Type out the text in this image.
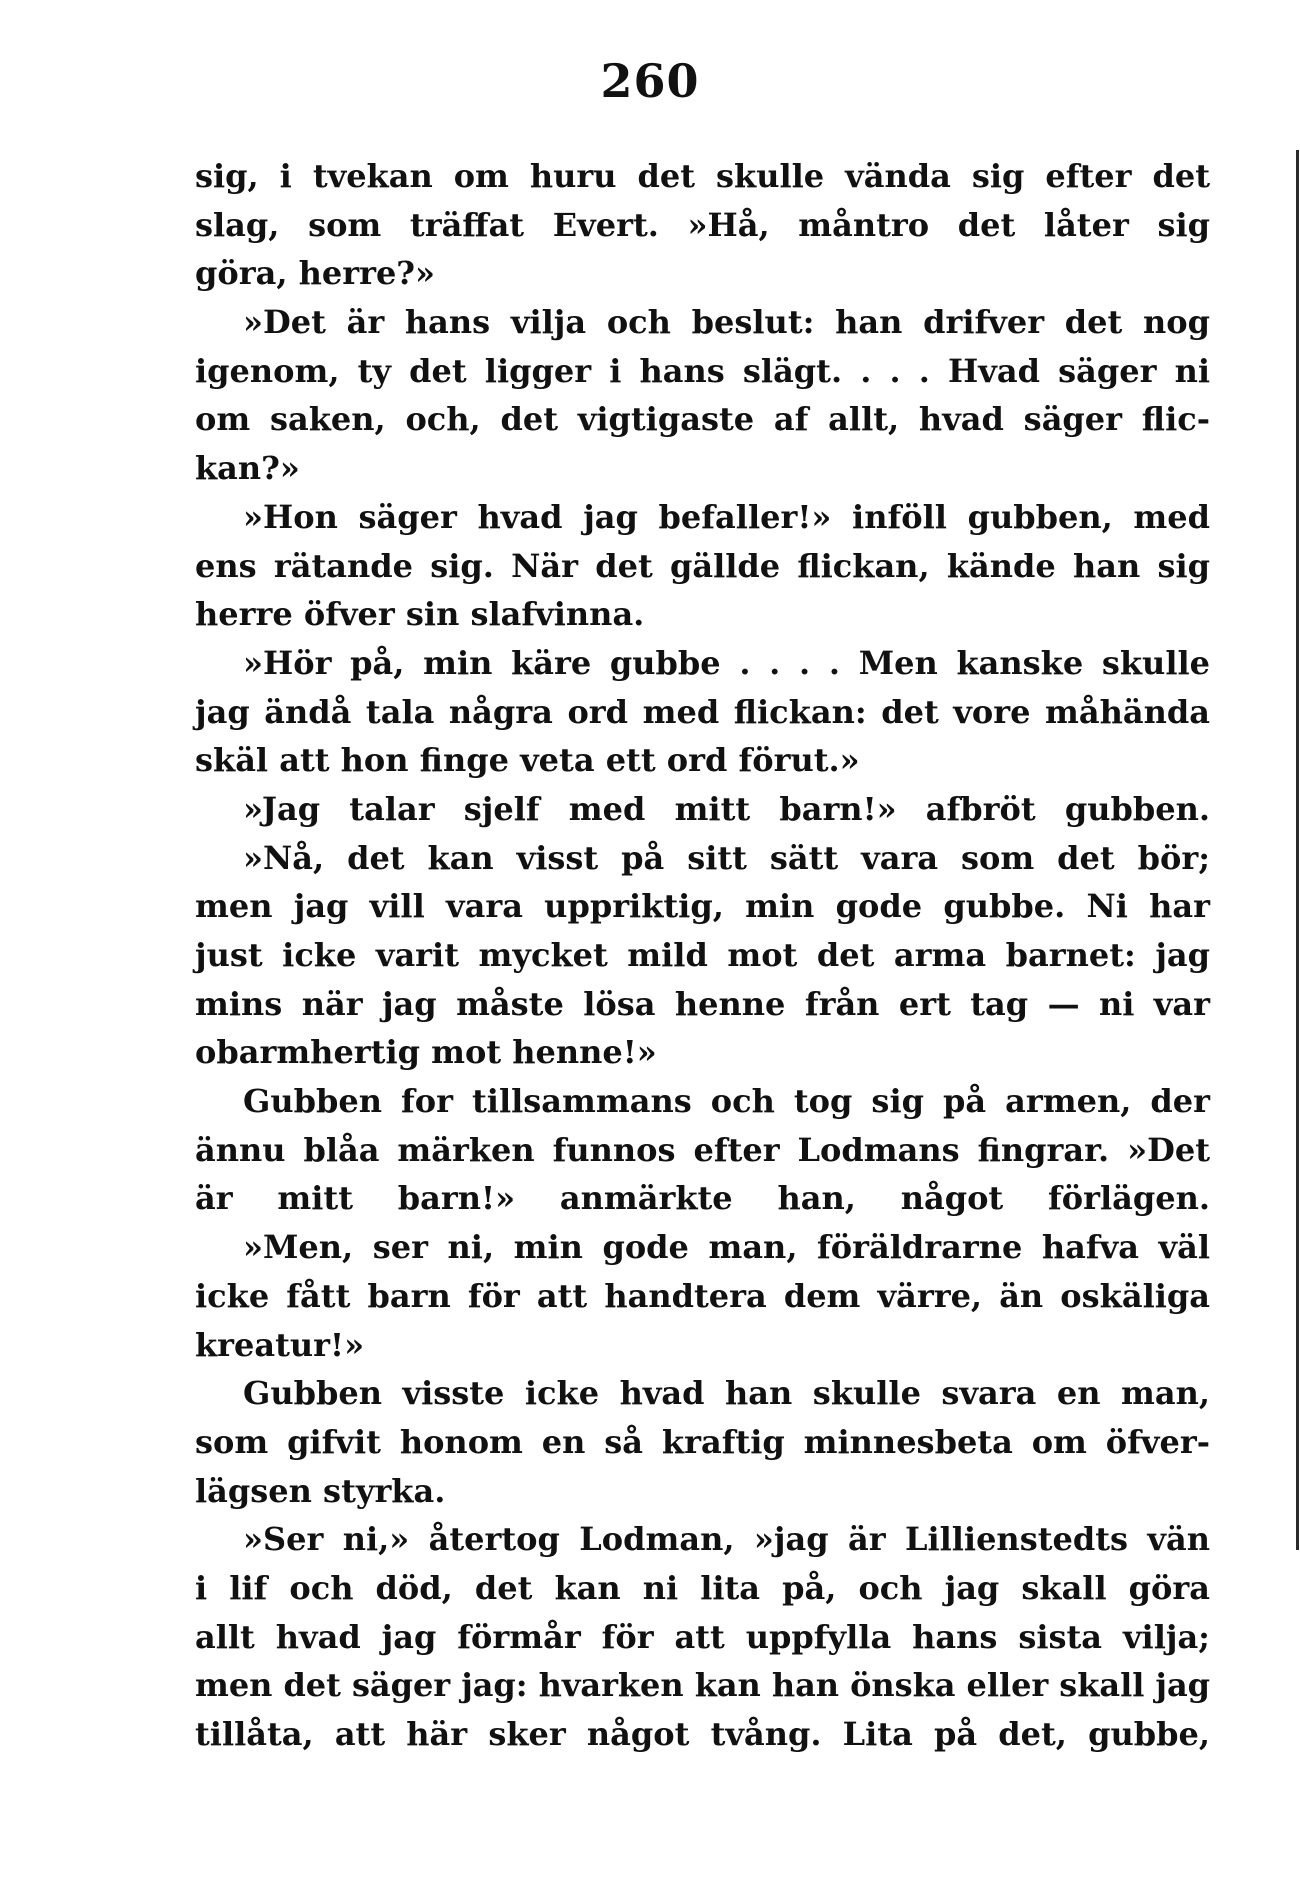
260
sig, i tvekan om huru det skulle vända sig efter det
slag, som träffat Evert. »Hå, måntro det låter sig
göra, herre?»
»Det är hans vilja och beslut: han drifver det nog
igenom, ty det ligger i hans slägt. . . . Hvad säger ni
om saken, och, det vigtigaste af allt, hvad säger flic-
kan?»
»Hon säger hvad jag befaller!» inföll gubben, med
ens rätande sig. När det gällde flickan, kände han sig
herre öfver sin slafvinna.
»Hör på, min käre gubbe . . . . Men kanske skulle
jag ändå tala några ord med flickan: det vore måhända
skäl att hon finge veta ett ord förut.»
»Jag talar sjelf med mitt barn!» afbröt gubben.
»Nå, det kan visst på sitt sätt vara som det bör;
men jag vill vara uppriktig, min gode gubbe. Ni har
just icke varit mycket mild mot det arma barnet: jag
mins när jag måste lösa henne från ert tag — ni var
obarmhertig mot henne!»
Gubben for tillsammans och tog sig på armen, der
ännu blåa märken funnos efter Lodmans fingrar. »Det
är mitt barn!» anmärkte han, något förlägen.
»Men, ser ni, min gode man, föräldrarne hafva väl
icke fått barn för att handtera dem värre, än oskäliga
kreatur!»
Gubben visste icke hvad han skulle svara en man,
som gifvit honom en så kraftig minnesbeta om öfver-
lägsen styrka.
»Ser ni,» återtog Lodman, »jag är Lillienstedts vän
i lif och död, det kan ni lita på, och jag skall göra
allt hvad jag förmår för att uppfylla hans sista vilja;
men det säger jag: hvarken kan han önska eller skall jag
tillåta, att här sker något tvång. Lita på det, gubbe,
